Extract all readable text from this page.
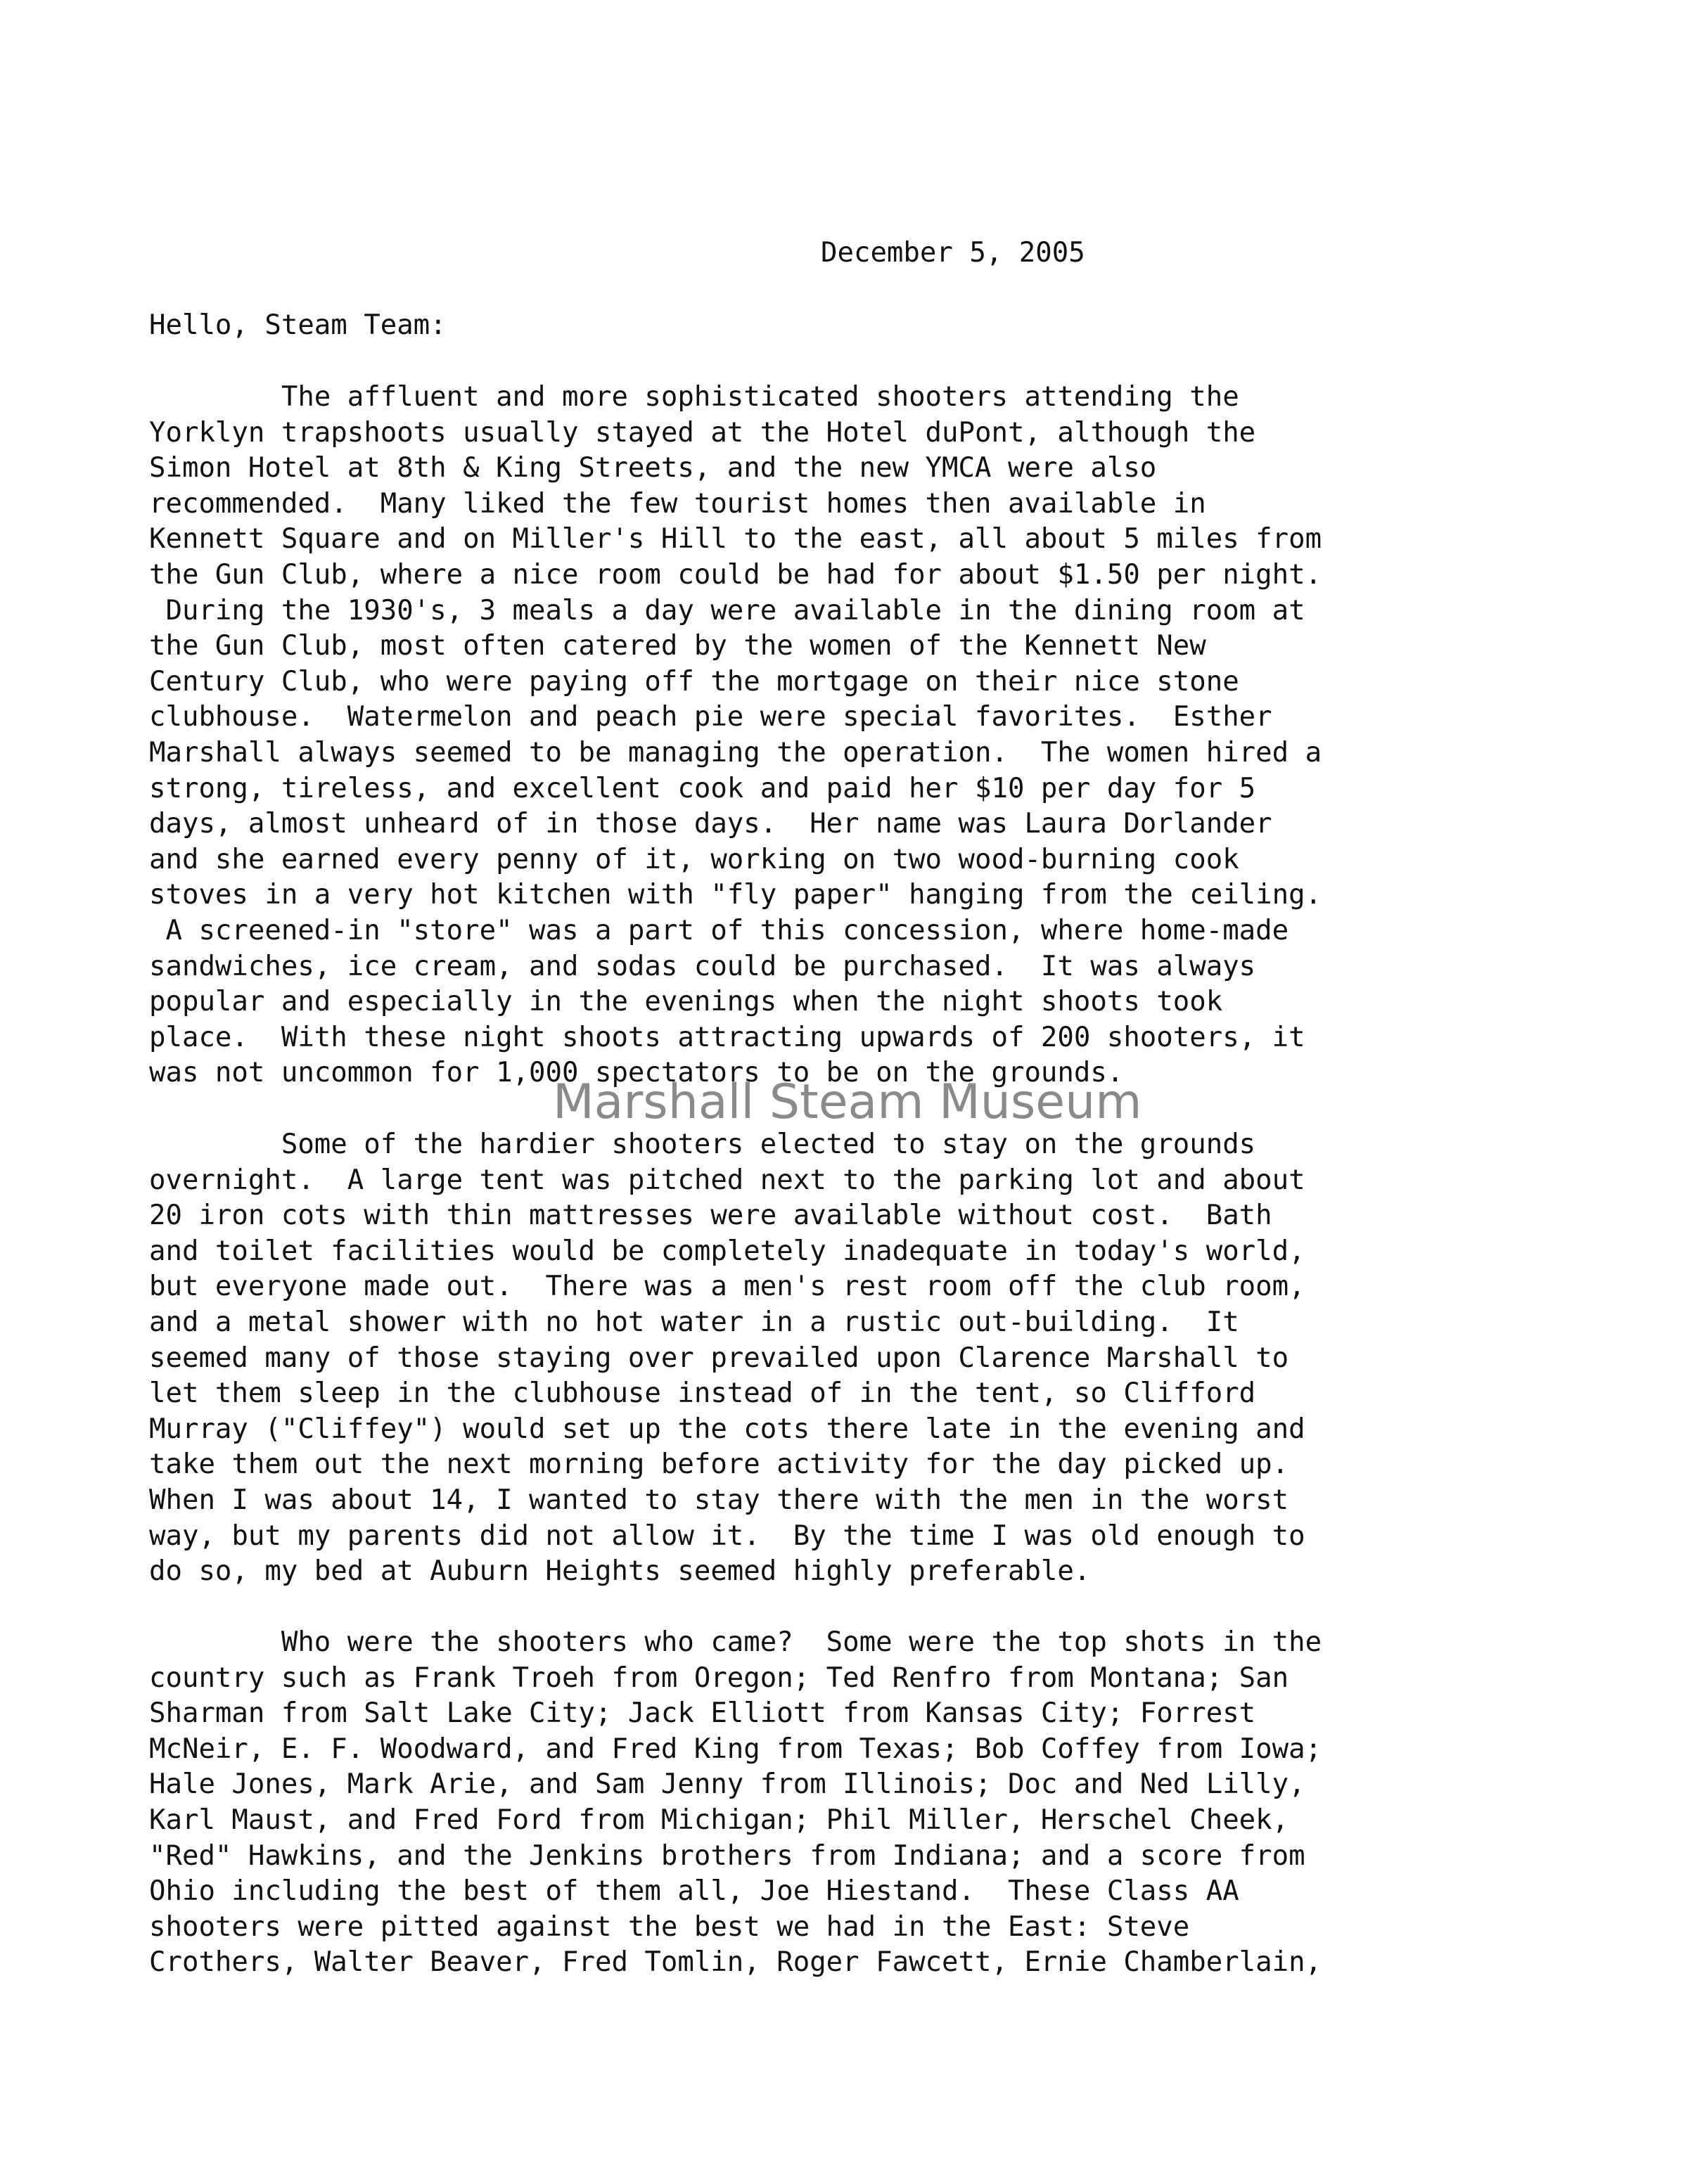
December 5, 2005
Hello, Steam Team:
The affluent and more sophisticated shooters attending the
Yorklyn trapshoots usually stayed at the Hotel duPont, although the
Simon Hotel at 8th & King Streets, and the new YMCA were also
recommended.  Many liked the few tourist homes then available in
Kennett Square and on Miller's Hill to the east, all about 5 miles from
the Gun Club, where a nice room could be had for about $1.50 per night.
During the 1930's, 3 meals a day were available in the dining room at
the Gun Club, most often catered by the women of the Kennett New
Century Club, who were paying off the mortgage on their nice stone
clubhouse.  Watermelon and peach pie were special favorites.  Esther
Marshall always seemed to be managing the operation.  The women hired a
strong, tireless, and excellent cook and paid her $10 per day for 5
days, almost unheard of in those days.  Her name was Laura Dorlander
and she earned every penny of it, working on two wood-burning cook
stoves in a very hot kitchen with "fly paper" hanging from the ceiling.
A screened-in "store" was a part of this concession, where home-made
sandwiches, ice cream, and sodas could be purchased.  It was always
popular and especially in the evenings when the night shoots took
place.  With these night shoots attracting upwards of 200 shooters, it
was not uncommon for 1,000 spectators to be on the grounds.
Marshall Steam Museum
Some of the hardier shooters elected to stay on the grounds
overnight.  A large tent was pitched next to the parking lot and about
20 iron cots with thin mattresses were available without cost.  Bath
and toilet facilities would be completely inadequate in today's world,
but everyone made out.  There was a men's rest room off the club room,
and a metal shower with no hot water in a rustic out-building.  It
seemed many of those staying over prevailed upon Clarence Marshall to
let them sleep in the clubhouse instead of in the tent, so Clifford
Murray ("Cliffey") would set up the cots there late in the evening and
take them out the next morning before activity for the day picked up.
When I was about 14, I wanted to stay there with the men in the worst
way, but my parents did not allow it.  By the time I was old enough to
do so, my bed at Auburn Heights seemed highly preferable.
Who were the shooters who came?  Some were the top shots in the
country such as Frank Troeh from Oregon; Ted Renfro from Montana; San
Sharman from Salt Lake City; Jack Elliott from Kansas City; Forrest
McNeir, E. F. Woodward, and Fred King from Texas; Bob Coffey from Iowa;
Hale Jones, Mark Arie, and Sam Jenny from Illinois; Doc and Ned Lilly,
Karl Maust, and Fred Ford from Michigan; Phil Miller, Herschel Cheek,
"Red" Hawkins, and the Jenkins brothers from Indiana; and a score from
Ohio including the best of them all, Joe Hiestand.  These Class AA
shooters were pitted against the best we had in the East: Steve
Crothers, Walter Beaver, Fred Tomlin, Roger Fawcett, Ernie Chamberlain,
